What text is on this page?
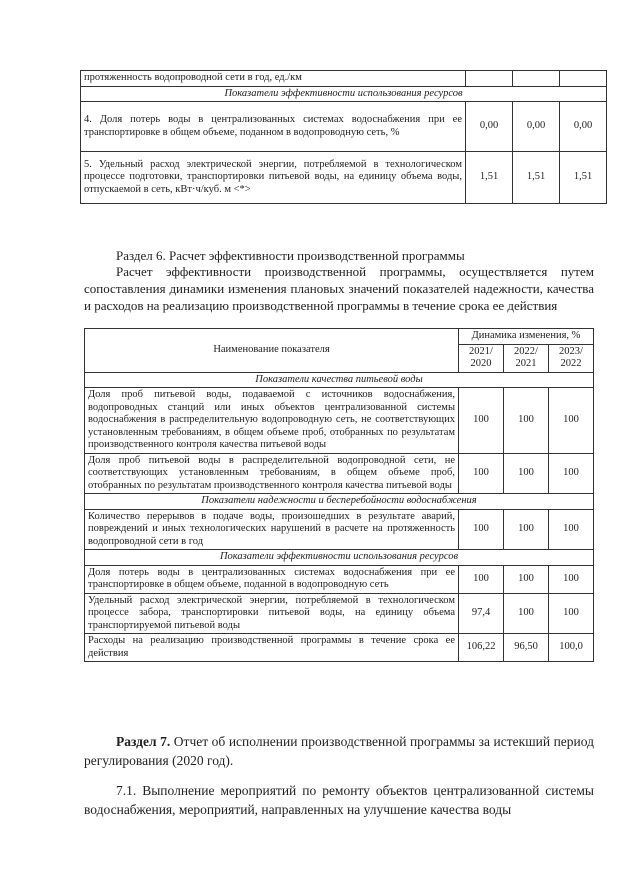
протяженность водопроводной сети в год, ед./км			
Показатели эффективности использования ресурсов			
4. Доля потерь воды в централизованных системах водоснабжения при ее транспортировке в общем объеме, поданном в водопроводную сеть, %	0,00	0,00	0,00
5. Удельный расход электрической энергии, потребляемой в технологическом процессе подготовки, транспортировки питьевой воды, на единицу объема воды, отпускаемой в сеть, кВт·ч/куб. м <*>	1,51	1,51	1,51
Раздел 6. Расчет эффективности производственной программы
Расчет эффективности производственной программы, осуществляется путем сопоставления динамики изменения плановых значений показателей надежности, качества и расходов на реализацию производственной программы в течение срока ее действия
Наименование показателя	Динамика изменения, %		
	2021/ 2020	2022/ 2021	2023/ 2022
Показатели качества питьевой воды			
Доля проб питьевой воды, подаваемой с источников водоснабжения, водопроводных станций или иных объектов централизованной системы водоснабжения в распределительную водопроводную сеть, не соответствующих установленным требованиям, в общем объеме проб, отобранных по результатам производственного контроля качества питьевой воды	100	100	100
Доля проб питьевой воды в распределительной водопроводной сети, не соответствующих установленным требованиям, в общем объеме проб, отобранных по результатам производственного контроля качества питьевой воды	100	100	100
Показатели надежности и бесперебойности водоснабжения			
Количество перерывов в подаче воды, произошедших в результате аварий, повреждений и иных технологических нарушений в расчете на протяженность водопроводной сети в год	100	100	100
Показатели эффективности использования ресурсов			
Доля потерь воды в централизованных системах водоснабжения при ее транспортировке в общем объеме, поданной в водопроводную сеть	100	100	100
Удельный расход электрической энергии, потребляемой в технологическом процессе забора, транспортировки питьевой воды, на единицу объема транспортируемой питьевой воды	97,4	100	100
Расходы на реализацию производственной программы в течение срока ее действия	106,22	96,50	100,0
Раздел 7. Отчет об исполнении производственной программы за истекший период регулирования (2020 год).
7.1. Выполнение мероприятий по ремонту объектов централизованной системы водоснабжения, мероприятий, направленных на улучшение качества воды
